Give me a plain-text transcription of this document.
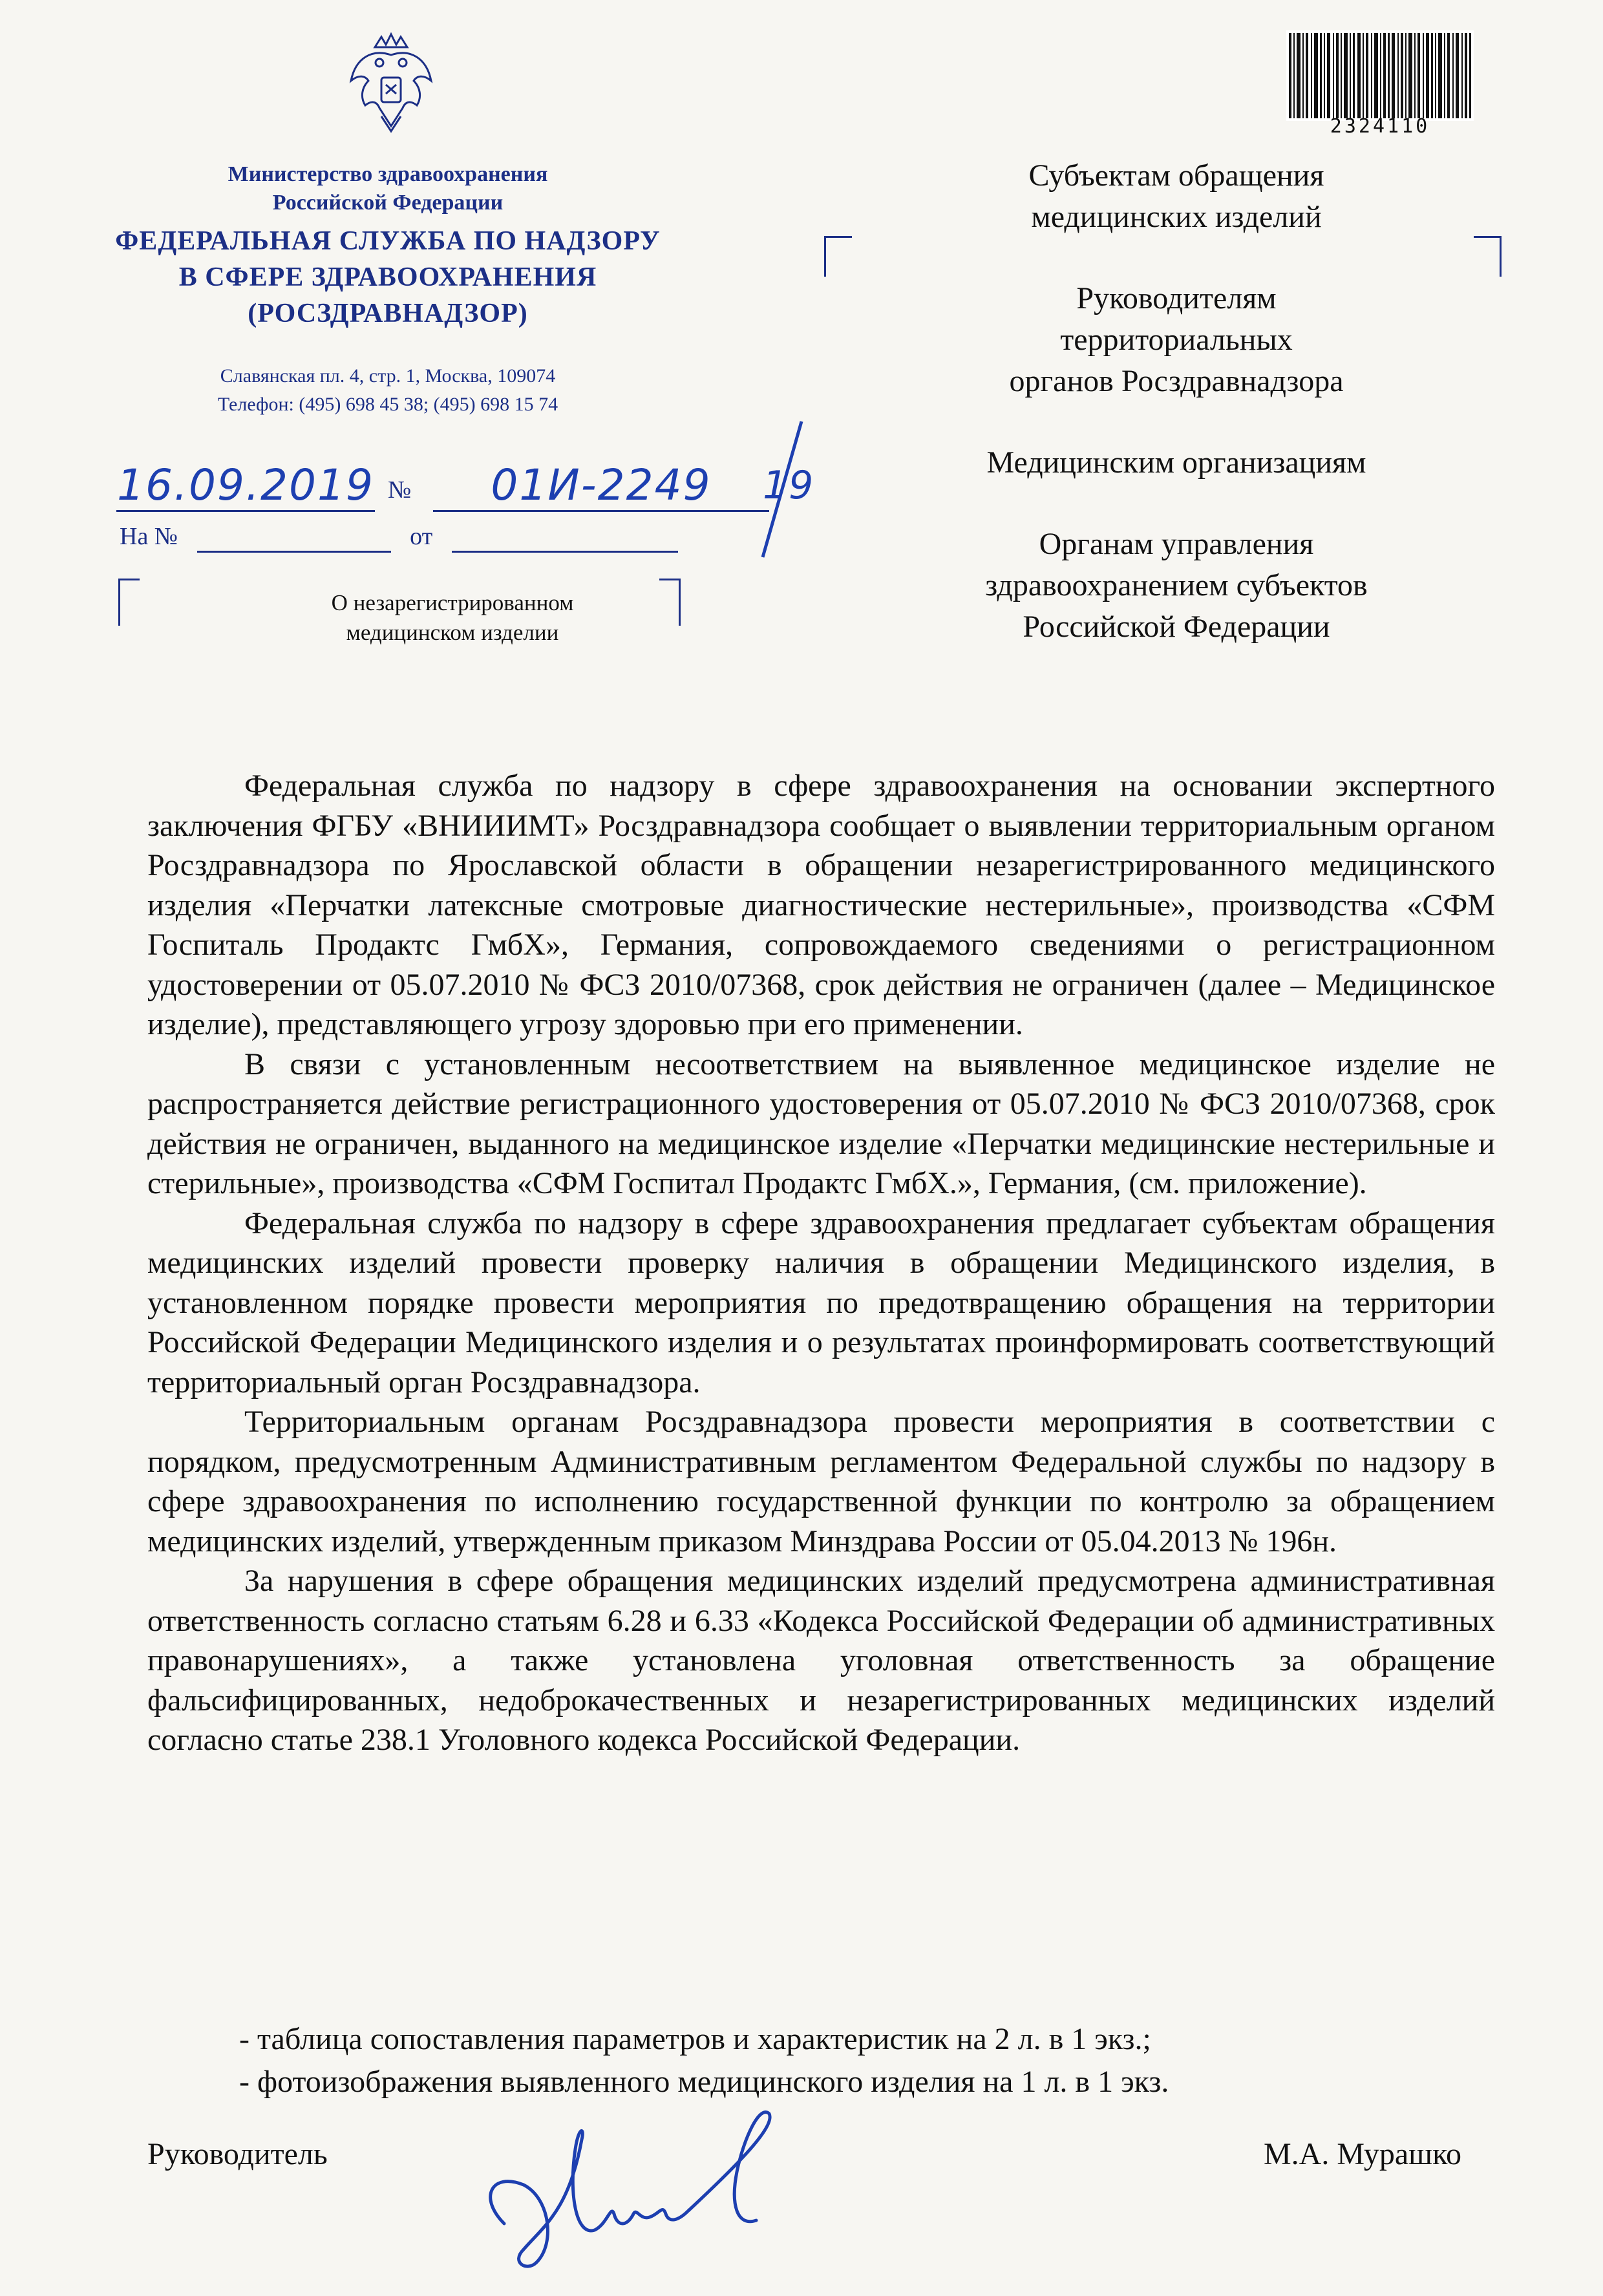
Министерство здравоохранения
Российской Федерации
ФЕДЕРАЛЬНАЯ СЛУЖБА ПО НАДЗОРУ
В СФЕРЕ ЗДРАВООХРАНЕНИЯ
(РОСЗДРАВНАДЗОР)
Славянская пл. 4, стр. 1, Москва, 109074
Телефон: (495) 698 45 38; (495) 698 15 74
16.09.2019 №	01И-2249	19
На №	от
О незарегистрированном
медицинском изделии
2324110
Субъектам обращения
медицинских изделий
Руководителям
территориальных
органов Росздравнадзора
Медицинским организациям
Органам управления
здравоохранением субъектов
Российской Федерации

Федеральная служба по надзору в сфере здравоохранения на основании экспертного заключения ФГБУ «ВНИИИМТ» Росздравнадзора сообщает о выявлении территориальным органом Росздравнадзора по Ярославской области в обращении незарегистрированного медицинского изделия «Перчатки латексные смотровые диагностические нестерильные», производства «СФМ Госпиталь Продактс ГмбХ», Германия, сопровождаемого сведениями о регистрационном удостоверении от 05.07.2010 № ФСЗ 2010/07368, срок действия не ограничен (далее – Медицинское изделие), представляющего угрозу здоровью при его применении.

В связи с установленным несоответствием на выявленное медицинское изделие не распространяется действие регистрационного удостоверения от 05.07.2010 № ФСЗ 2010/07368, срок действия не ограничен, выданного на медицинское изделие «Перчатки медицинские нестерильные и стерильные», производства «СФМ Госпитал Продактс ГмбХ.», Германия, (см. приложение).

Федеральная служба по надзору в сфере здравоохранения предлагает субъектам обращения медицинских изделий провести проверку наличия в обращении Медицинского изделия, в установленном порядке провести мероприятия по предотвращению обращения на территории Российской Федерации Медицинского изделия и о результатах проинформировать соответствующий территориальный орган Росздравнадзора.

Территориальным органам Росздравнадзора провести мероприятия в соответствии с порядком, предусмотренным Административным регламентом Федеральной службы по надзору в сфере здравоохранения по исполнению государственной функции по контролю за обращением медицинских изделий, утвержденным приказом Минздрава России от 05.04.2013 № 196н.

За нарушения в сфере обращения медицинских изделий предусмотрена административная ответственность согласно статьям 6.28 и 6.33 «Кодекса Российской Федерации об административных правонарушениях», а также установлена уголовная ответственность за обращение фальсифицированных, недоброкачественных и незарегистрированных медицинских изделий согласно статье 238.1 Уголовного кодекса Российской Федерации.

- таблица сопоставления параметров и характеристик на 2 л. в 1 экз.;
- фотоизображения выявленного медицинского изделия на 1 л. в 1 экз.
Руководитель	М.А. Мурашко
